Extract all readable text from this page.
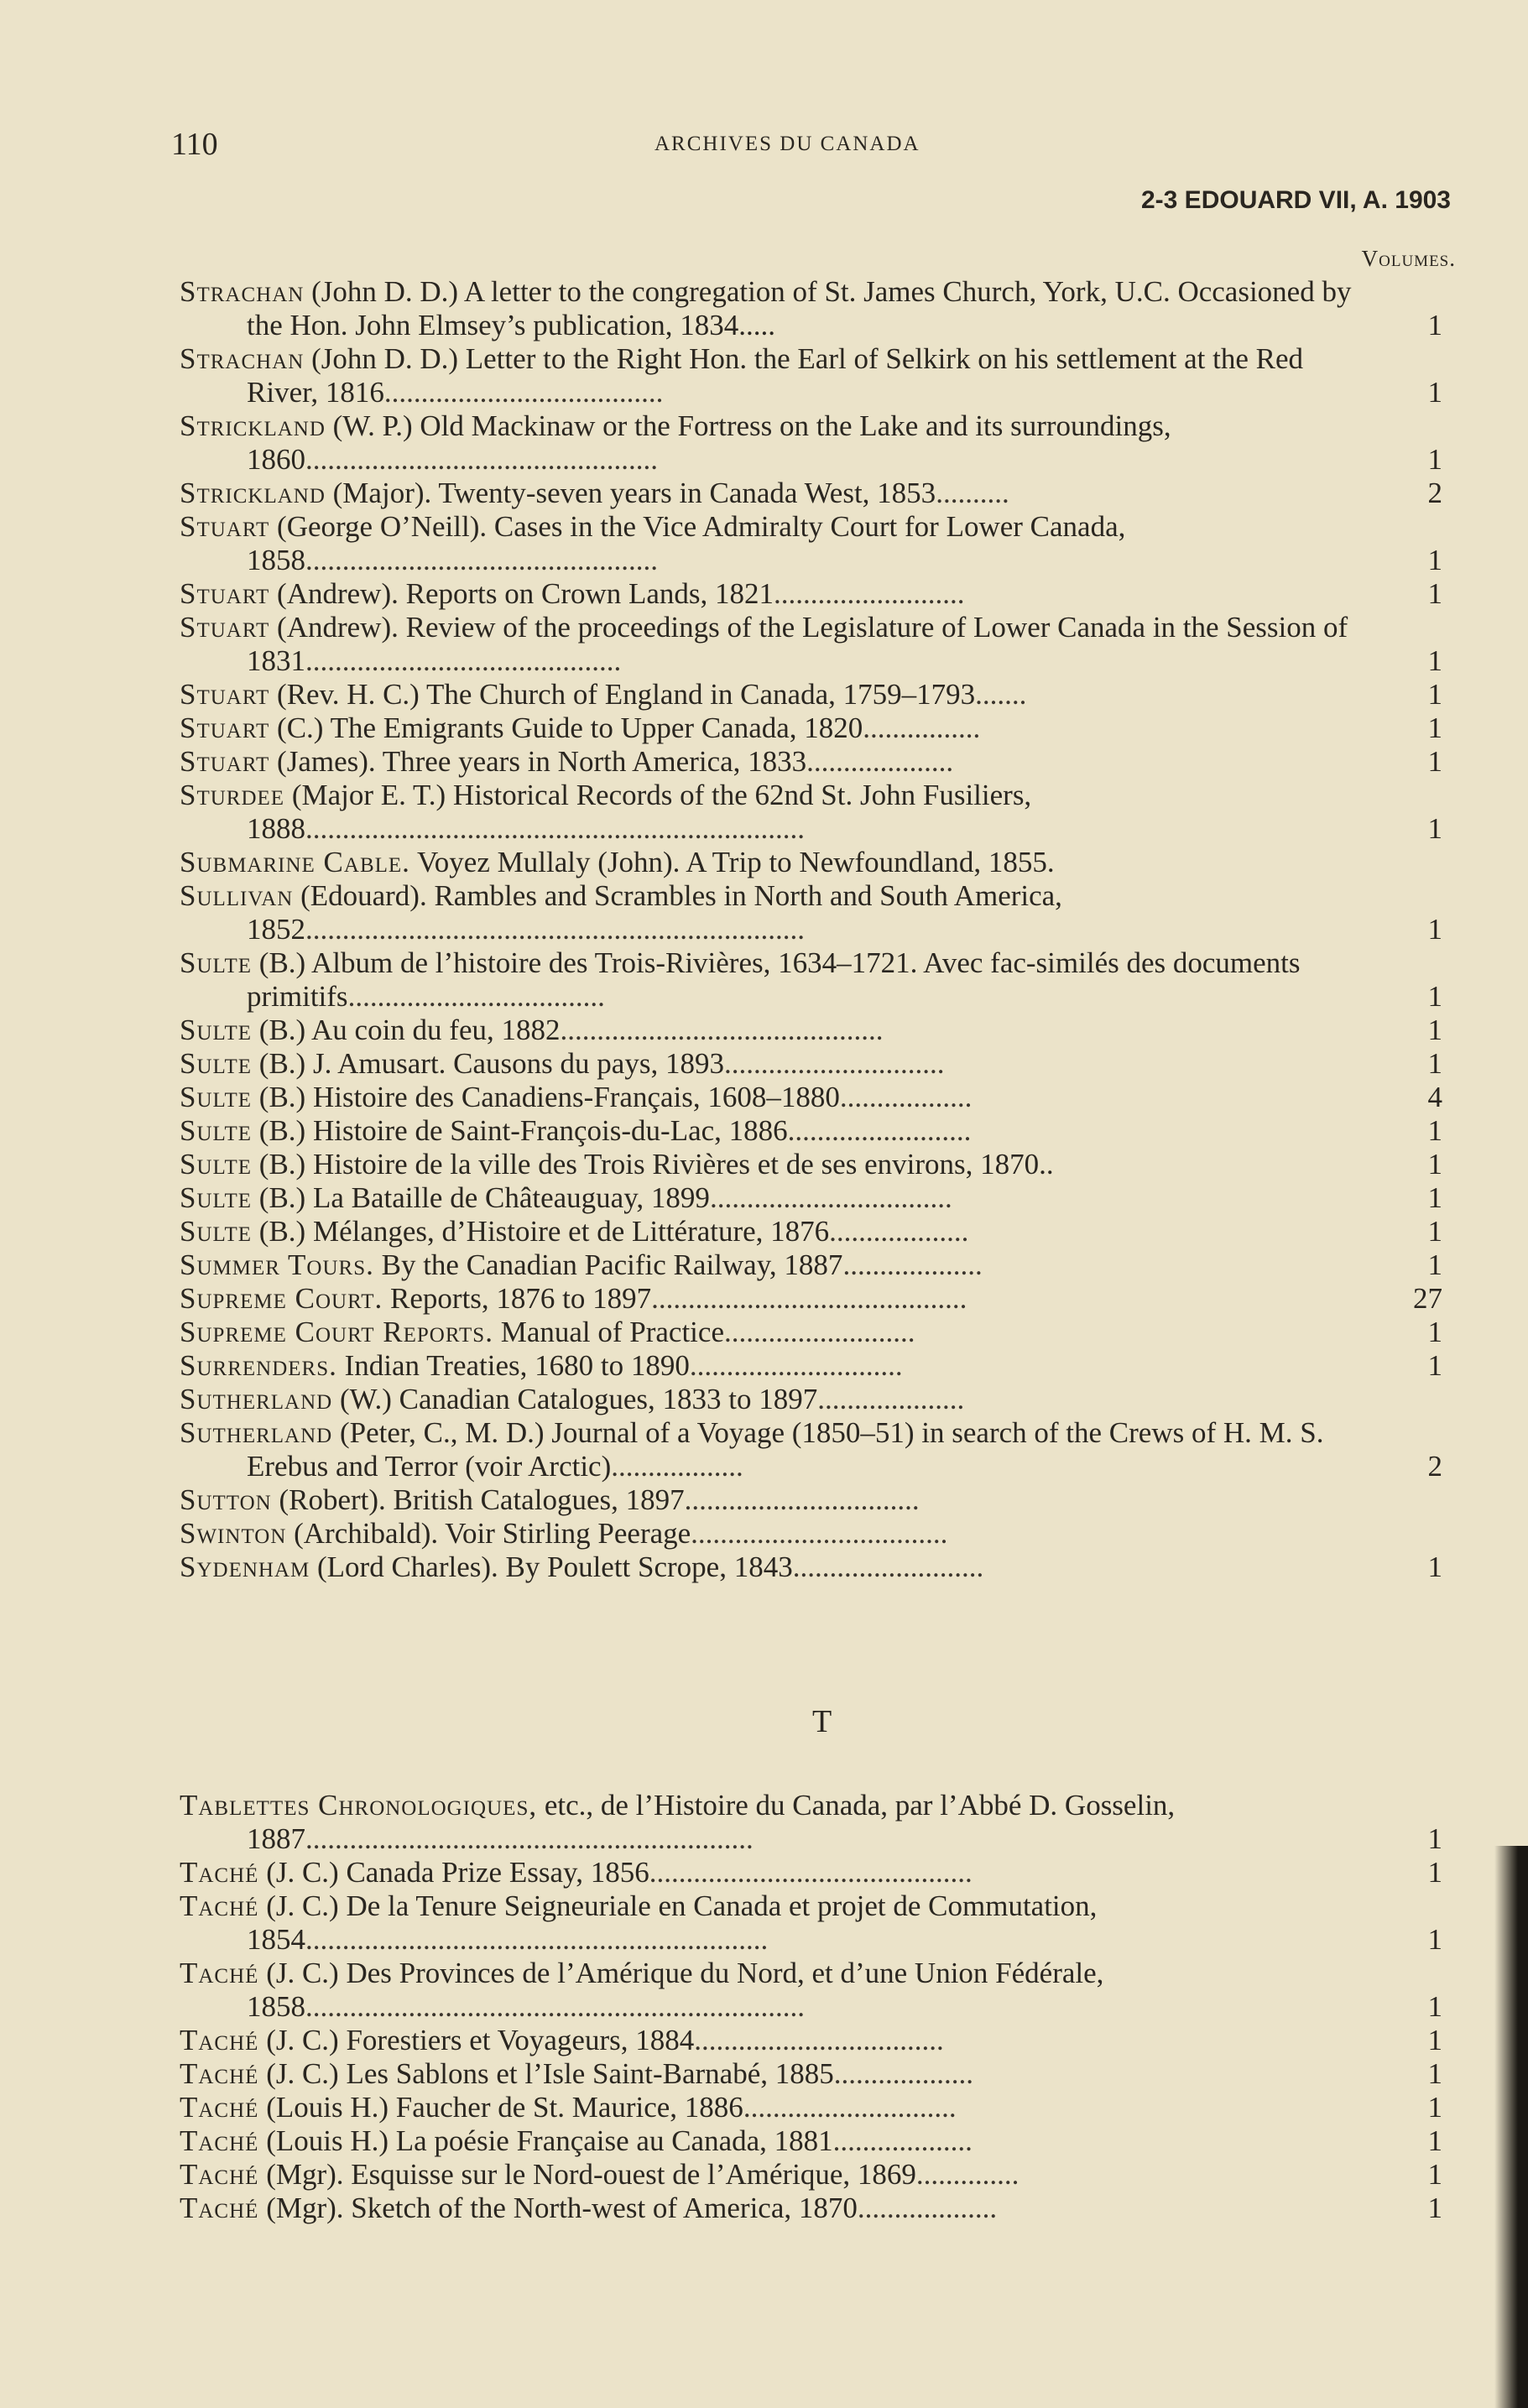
110	ARCHIVES DU CANADA
2-3 EDOUARD VII, A. 1903
Volumes.
Strachan (John D. D.) A letter to the congregation of St. James Church, York, U.C. Occasioned by the Hon. John Elmsey’s publication, 1834.....	1
Strachan (John D. D.) Letter to the Right Hon. the Earl of Selkirk on his settlement at the Red River, 1816......................................	1
Strickland (W. P.) Old Mackinaw or the Fortress on the Lake and its surroundings, 1860................................................	1
Strickland (Major). Twenty-seven years in Canada West, 1853..........	2
Stuart (George O’Neill). Cases in the Vice Admiralty Court for Lower Canada, 1858................................................	1
Stuart (Andrew). Reports on Crown Lands, 1821..........................	1
Stuart (Andrew). Review of the proceedings of the Legislature of Lower Canada in the Session of 1831...........................................	1
Stuart (Rev. H. C.) The Church of England in Canada, 1759–1793.......	1
Stuart (C.) The Emigrants Guide to Upper Canada, 1820................	1
Stuart (James). Three years in North America, 1833....................	1
Sturdee (Major E. T.) Historical Records of the 62nd St. John Fusiliers, 1888....................................................................	1
Submarine Cable. Voyez Mullaly (John). A Trip to Newfoundland, 1855.
Sullivan (Edouard). Rambles and Scrambles in North and South America, 1852....................................................................	1
Sulte (B.) Album de l’histoire des Trois-Rivières, 1634–1721. Avec fac-similés des documents primitifs...................................	1
Sulte (B.) Au coin du feu, 1882............................................	1
Sulte (B.) J. Amusart. Causons du pays, 1893..............................	1
Sulte (B.) Histoire des Canadiens-Français, 1608–1880..................	4
Sulte (B.) Histoire de Saint-François-du-Lac, 1886.........................	1
Sulte (B.) Histoire de la ville des Trois Rivières et de ses environs, 1870..	1
Sulte (B.) La Bataille de Châteauguay, 1899.................................	1
Sulte (B.) Mélanges, d’Histoire et de Littérature, 1876...................	1
Summer Tours. By the Canadian Pacific Railway, 1887...................	1
Supreme Court. Reports, 1876 to 1897...........................................	27
Supreme Court Reports. Manual of Practice..........................	1
Surrenders. Indian Treaties, 1680 to 1890.............................	1
Sutherland (W.) Canadian Catalogues, 1833 to 1897....................
Sutherland (Peter, C., M. D.) Journal of a Voyage (1850–51) in search of the Crews of H. M. S. Erebus and Terror (voir Arctic)..................	2
Sutton (Robert). British Catalogues, 1897................................
Swinton (Archibald). Voir Stirling Peerage...................................
Sydenham (Lord Charles). By Poulett Scrope, 1843..........................	1
T
Tablettes Chronologiques, etc., de l’Histoire du Canada, par l’Abbé D. Gosselin, 1887.............................................................	1
Taché (J. C.) Canada Prize Essay, 1856............................................	1
Taché (J. C.) De la Tenure Seigneuriale en Canada et projet de Commutation, 1854...............................................................	1
Taché (J. C.) Des Provinces de l’Amérique du Nord, et d’une Union Fédérale, 1858....................................................................	1
Taché (J. C.) Forestiers et Voyageurs, 1884..................................	1
Taché (J. C.) Les Sablons et l’Isle Saint-Barnabé, 1885...................	1
Taché (Louis H.) Faucher de St. Maurice, 1886.............................	1
Taché (Louis H.) La poésie Française au Canada, 1881...................	1
Taché (Mgr). Esquisse sur le Nord-ouest de l’Amérique, 1869..............	1
Taché (Mgr). Sketch of the North-west of America, 1870...................	1
